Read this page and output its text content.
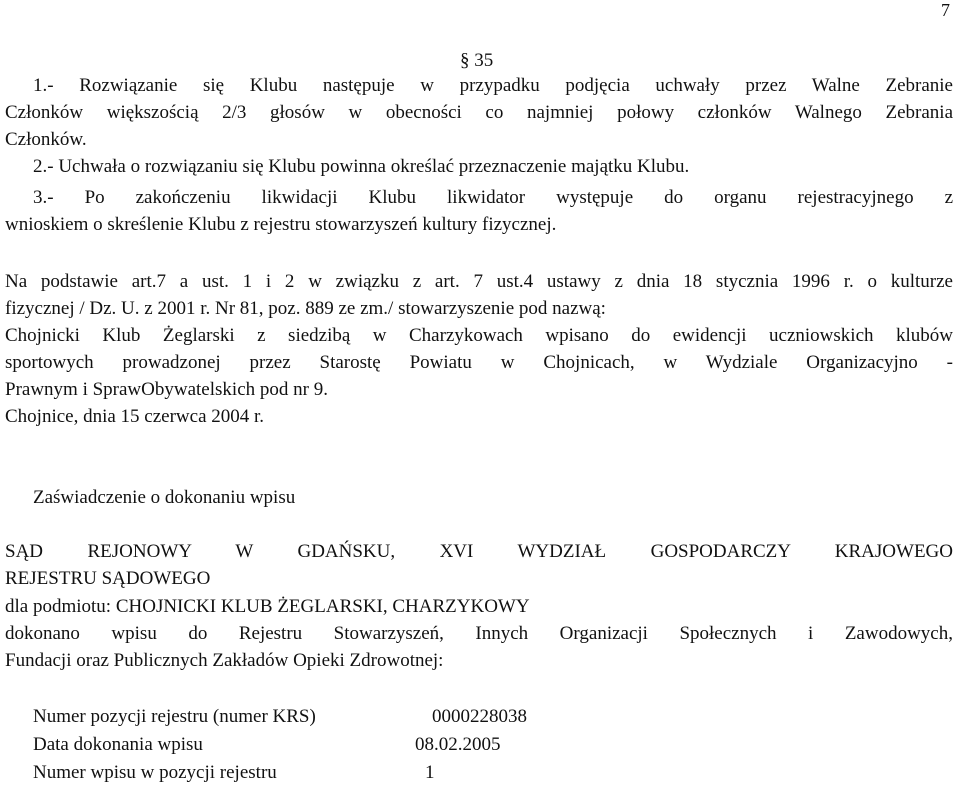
7
§ 35
1.- Rozwiązanie się Klubu następuje w przypadku podjęcia uchwały przez Walne Zebranie
Członków większością 2/3 głosów w obecności co najmniej połowy członków Walnego Zebrania
Członków.
2.- Uchwała o rozwiązaniu się Klubu powinna określać przeznaczenie majątku Klubu.
3.- Po zakończeniu likwidacji Klubu likwidator występuje do organu rejestracyjnego z
wnioskiem o skreślenie Klubu z rejestru stowarzyszeń kultury fizycznej.
Na podstawie art.7 a ust. 1 i 2 w związku z art. 7 ust.4 ustawy z dnia 18 stycznia 1996 r. o kulturze
fizycznej / Dz. U. z 2001 r. Nr 81, poz. 889 ze zm./ stowarzyszenie pod nazwą:
Chojnicki Klub Żeglarski z siedzibą w Charzykowach wpisano do ewidencji uczniowskich klubów
sportowych prowadzonej przez Starostę Powiatu w Chojnicach, w Wydziale Organizacyjno -
Prawnym i SprawObywatelskich pod nr 9.
Chojnice, dnia 15 czerwca 2004 r.
Zaświadczenie o dokonaniu wpisu
SĄD REJONOWY W GDAŃSKU, XVI WYDZIAŁ GOSPODARCZY KRAJOWEGO
REJESTRU SĄDOWEGO
dla podmiotu: CHOJNICKI KLUB ŻEGLARSKI, CHARZYKOWY
dokonano wpisu do Rejestru Stowarzyszeń, Innych Organizacji Społecznych i Zawodowych,
Fundacji oraz Publicznych Zakładów Opieki Zdrowotnej:
Numer pozycji rejestru (numer KRS)	0000228038
Data dokonania wpisu	08.02.2005
Numer wpisu w pozycji rejestru	1
